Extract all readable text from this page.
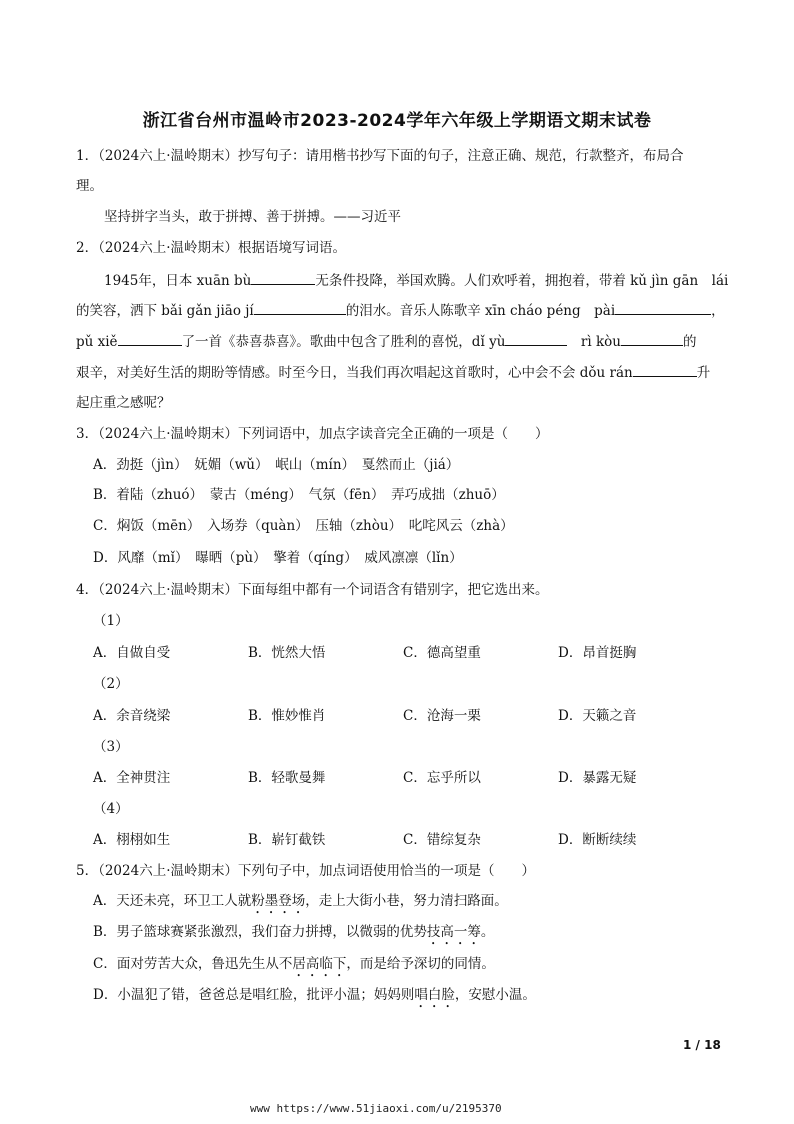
浙江省台州市温岭市2023-2024学年六年级上学期语文期末试卷
1．（2024六上·温岭期末）抄写句子：请用楷书抄写下面的句子，注意正确、规范，行款整齐，布局合
理。
坚持拼字当头，敢于拼搏、善于拼搏。——习近平
2．（2024六上·温岭期末）根据语境写词语。
1945年，日本 xuān bù	无条件投降，举国欢腾。人们欢呼着，拥抱着，带着 kǔ jìn gān　lái
的笑容，洒下 bǎi gǎn jiāo jí	的泪水。音乐人陈歌辛 xīn cháo péng　pài	，
pǔ xiě	了一首《恭喜恭喜》。歌曲中包含了胜利的喜悦，dǐ yù　	rì kòu	的
艰辛，对美好生活的期盼等情感。时至今日，当我们再次唱起这首歌时，心中会不会 dǒu rán	升
起庄重之感呢？
3．（2024六上·温岭期末）下列词语中，加点字读音完全正确的一项是（　　）
A．劲挺（jìn）　妩媚（wǔ）　岷山（mín）　戛然而止（jiá）
B．着陆（zhuó）　蒙古（méng）　气氛（fēn）　弄巧成拙（zhuō）
C．焖饭（mēn）　入场券（quàn）　压轴（zhòu）　叱咤风云（zhà）
D．风靡（mǐ）　曝晒（pù）　擎着（qíng）　威风凛凛（lǐn）
4．（2024六上·温岭期末）下面每组中都有一个词语含有错别字，把它选出来。
（1）
A．自做自受	B．恍然大悟	C．德高望重	D．昂首挺胸
（2）
A．余音绕梁	B．惟妙惟肖	C．沧海一栗	D．天籁之音
（3）
A．全神贯注	B．轻歌曼舞	C．忘乎所以	D．暴露无疑
（4）
A．栩栩如生	B．崭钉截铁	C．错综复杂	D．断断续续
5．（2024六上·温岭期末）下列句子中，加点词语使用恰当的一项是（　　）
A．天还未亮，环卫工人就粉墨登场，走上大街小巷，努力清扫路面。
B．男子篮球赛紧张激烈，我们奋力拼搏，以微弱的优势技高一筹。
C．面对劳苦大众，鲁迅先生从不居高临下，而是给予深切的同情。
D．小温犯了错，爸爸总是唱红脸，批评小温；妈妈则唱白脸，安慰小温。
1 / 18
www https://www.51jiaoxi.com/u/2195370
